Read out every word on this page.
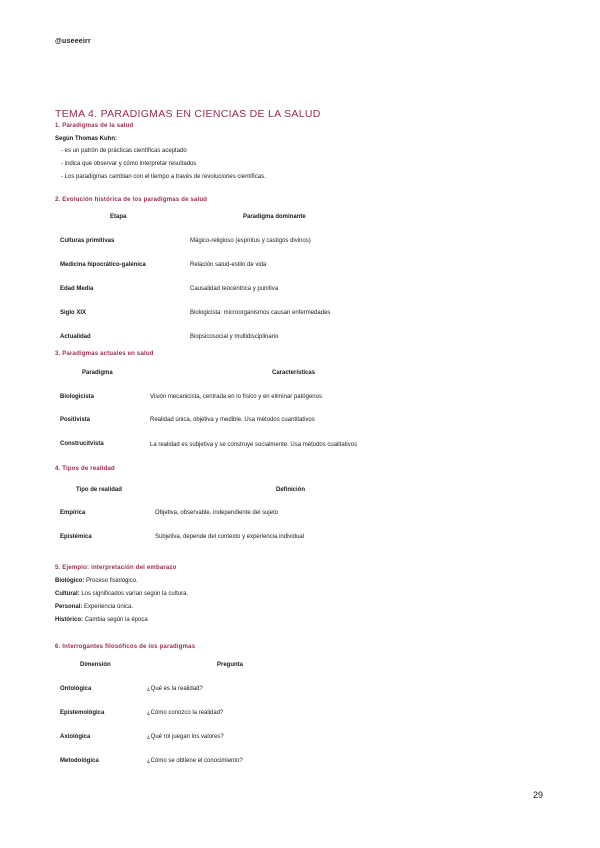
@useeeirr
TEMA 4. PARADIGMAS EN CIENCIAS DE LA SALUD
1. Paradigmas de la salud
Según Thomas Kuhn:
- es un patrón de prácticas científicas aceptado
- indica que observar y cómo interpretar resultados
- Los paradigmas cambian con el tiempo a través de revoluciones científicas.
2. Evolución histórica de los paradigmas de salud
Etapa	Paradigma dominante
Culturas primitivas	Mágico-religioso (espíritus y castigos divinos)
Medicina hipocrático-galénica	Relación salud-estilo de vida
Edad Media	Causalidad teocéntrica y punitiva
Siglo XIX	Biologicista: microorganismos causan enfermedades
Actualidad	Biopsicosocial y multidisciplinario
3. Paradigmas actuales en salud
Paradigma	Características
Biologicista	Visión mecanicista, centrada en lo físico y en eliminar patógenos
Positivista	Realidad única, objetiva y medible. Usa métodos cuantitativos
Construcitvista	La realidad es subjetiva y se construye socialmente. Usa métodos cualitativos
4. Tipos de realidad
Tipo de realidad	Definición
Empírica	Objetiva, observable, independiente del sujeto
Epistémica	Subjetiva, depende del contexto y experiencia individual
5. Ejemplo: interpretación del embarazo
Biológico: Proceso fisiológico.
Cultural: Los significados varían según la cultura.
Personal: Experiencia única.
Histórico: Cambia según la época
6. Interrogantes filosóficos de los paradigmas
Dimensión	Pregunta
Ontológica	¿Qué es la realidad?
Epistemológica	¿Cómo conozco la realidad?
Axiológica	¿Qué rol juegan los valores?
Metodológica	¿Cómo se obtiene el conocimiento?
29
